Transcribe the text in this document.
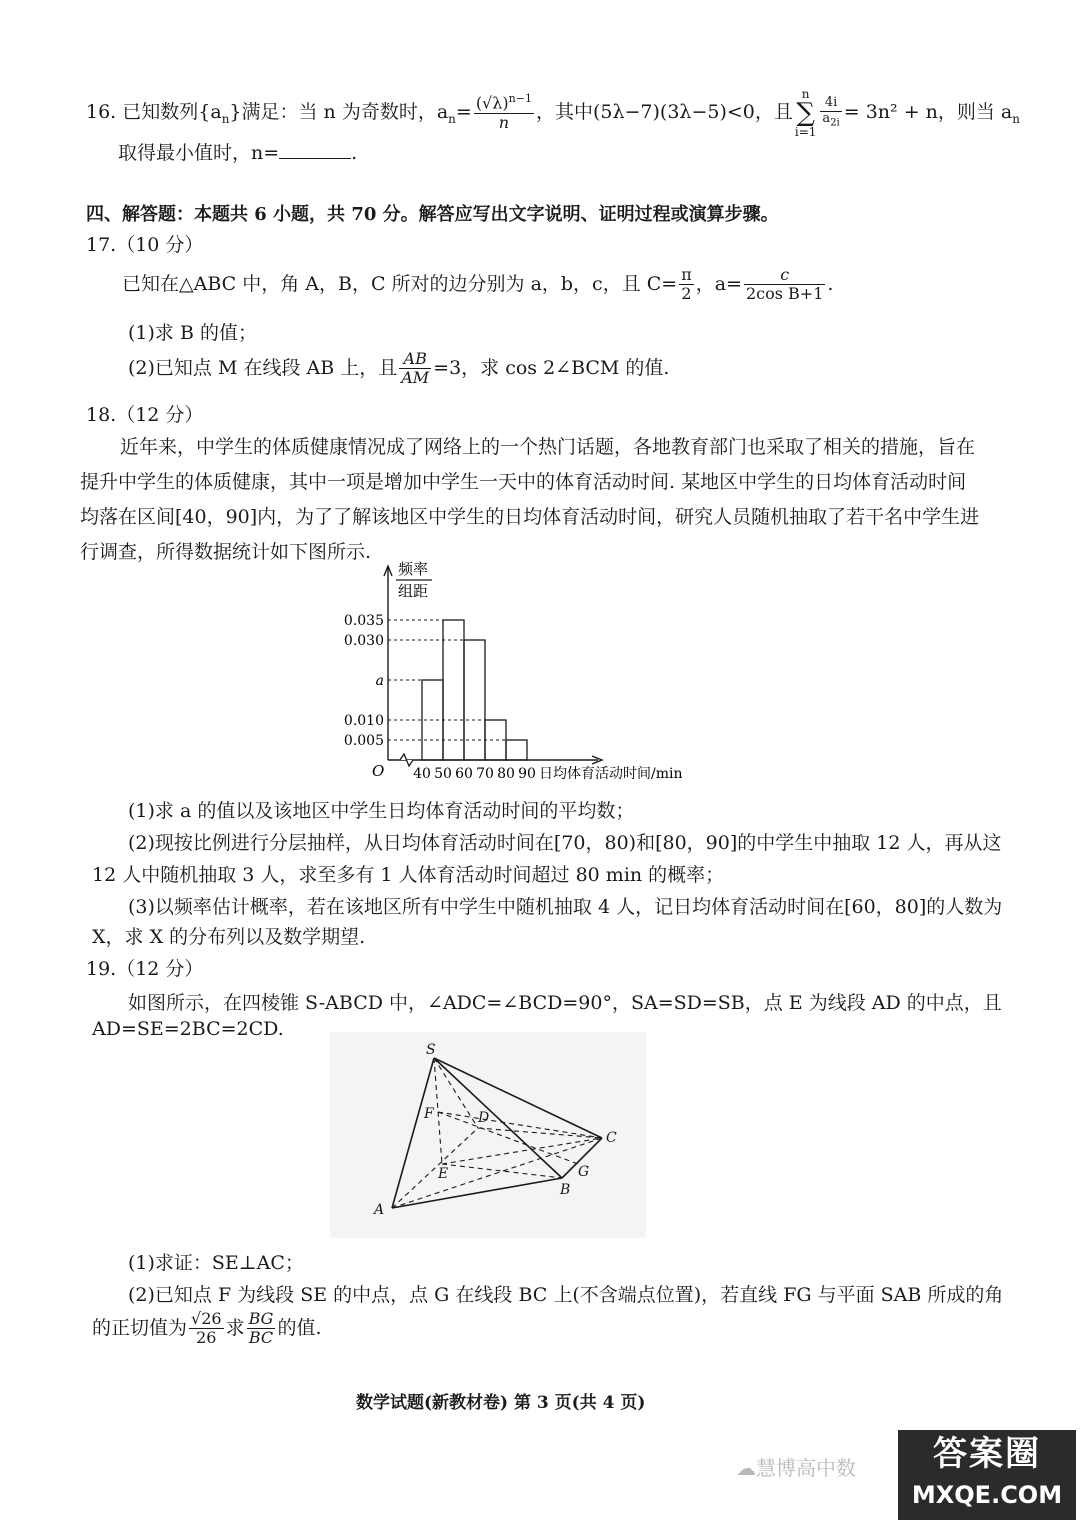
16. 已知数列$\{a_n\}$满足：当 n 为奇数时，$a_n= \frac{(√\lambda)^{n-1}}{n}$ ，其中(5λ−7)(3λ−5)<0，且n
∑
i=1
$\frac{4i}{a_{2i}} = 3n^2 + n$，则当 $a_n$
取得最小值时，n=	.
四、解答题：本题共 6 小题，共 70 分。解答应写出文字说明、证明过程或演算步骤。
17.（10 分）
已知在△ABC 中，角 A，B，C 所对的边分别为 a，b，c，且 $C= \frac{\pi}{2}$ ，$a= \frac{c}{\text{2cos B+1}}$ .
(1)求 B 的值；
(2)已知点 M 在线段 AB 上，且 $\frac{AB}{AM} =3$，求 cos 2∠BCM 的值.
18.（12 分）
近年来，中学生的体质健康情况成了网络上的一个热门话题，各地教育部门也采取了相关的措施，旨在提升中学生的体质健康，其中一项是增加中学生一天中的体育活动时间. 某地区中学生的日均体育活动时间均落在区间[40，90]内，为了了解该地区中学生的日均体育活动时间，研究人员随机抽取了若干名中学生进行调查，所得数据统计如下图所示.
频率
组距
O
0.035
0.030
a
0.010
0.005
40 50 60 70 80 90 日均体育活动时间/min
(1)求 a 的值以及该地区中学生日均体育活动时间的平均数；
(2)现按比例进行分层抽样，从日均体育活动时间在[70，80)和[80，90]的中学生中抽取 12 人，再从这
12 人中随机抽取 3 人，求至多有 1 人体育活动时间超过 80 min 的概率；
(3)以频率估计概率，若在该地区所有中学生中随机抽取 4 人，记日均体育活动时间在[60，80]的人数为
X，求 X 的分布列以及数学期望.
19.（12 分）
如图所示，在四棱锥 S-ABCD 中，∠ADC=∠BCD=90°，SA=SD=SB，点 E 为线段 AD 的中点，且
AD=SE=2BC=2CD.
S
F	D
C
E	G
B
A
(1)求证：SE⊥AC；
(2)已知点 F 为线段 SE 的中点，点 G 在线段 BC 上(不含端点位置)，若直线 FG 与平面 SAB 所成的角
的正切值为 $\frac{√26}{26}$ 求 $\frac{BG}{BC}$ 的值.
数学试题(新教材卷) 第 3 页(共 4 页)
☁慧博高中数	答案圈
MXQE.COM
